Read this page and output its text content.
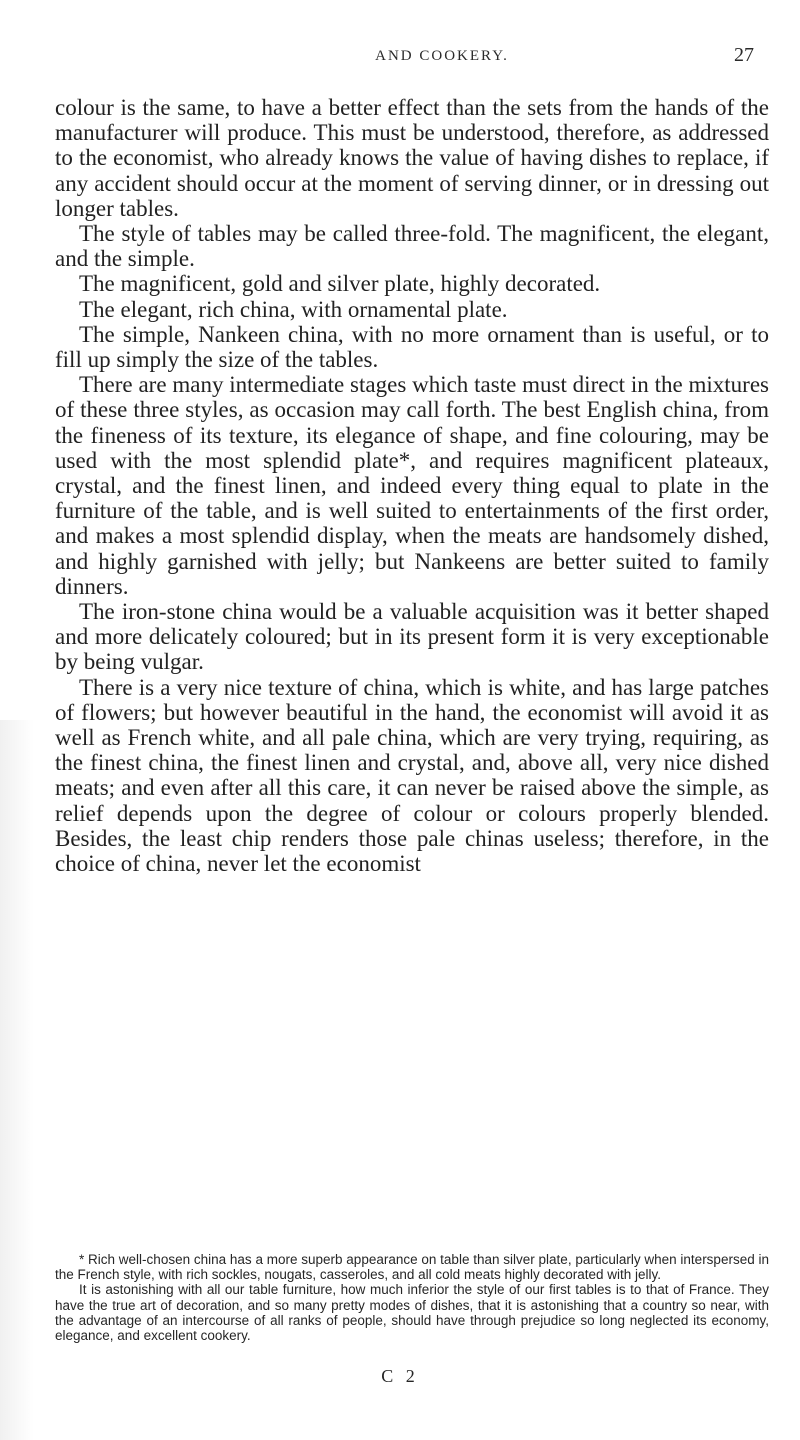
AND COOKERY.	27

colour is the same, to have a better effect than the sets from the hands of the manufacturer will produce. This must be understood, therefore, as addressed to the economist, who already knows the value of having dishes to replace, if any accident should occur at the moment of serving dinner, or in dressing out longer tables.

The style of tables may be called three-fold. The magnificent, the elegant, and the simple.

The magnificent, gold and silver plate, highly decorated.

The elegant, rich china, with ornamental plate.

The simple, Nankeen china, with no more ornament than is useful, or to fill up simply the size of the tables.

There are many intermediate stages which taste must direct in the mixtures of these three styles, as occasion may call forth. The best English china, from the fineness of its texture, its elegance of shape, and fine colouring, may be used with the most splendid plate*, and requires magnificent plateaux, crystal, and the finest linen, and indeed every thing equal to plate in the furniture of the table, and is well suited to entertainments of the first order, and makes a most splendid display, when the meats are handsomely dished, and highly garnished with jelly; but Nankeens are better suited to family dinners.

The iron-stone china would be a valuable acquisition was it better shaped and more delicately coloured; but in its present form it is very exceptionable by being vulgar.

There is a very nice texture of china, which is white, and has large patches of flowers; but however beautiful in the hand, the economist will avoid it as well as French white, and all pale china, which are very trying, requiring, as the finest china, the finest linen and crystal, and, above all, very nice dished meats; and even after all this care, it can never be raised above the simple, as relief depends upon the degree of colour or colours properly blended. Besides, the least chip renders those pale chinas useless; therefore, in the choice of china, never let the economist

* Rich well-chosen china has a more superb appearance on table than silver plate, particularly when interspersed in the French style, with rich sockles, nougats, casseroles, and all cold meats highly decorated with jelly.

It is astonishing with all our table furniture, how much inferior the style of our first tables is to that of France. They have the true art of decoration, and so many pretty modes of dishes, that it is astonishing that a country so near, with the advantage of an intercourse of all ranks of people, should have through prejudice so long neglected its economy, elegance, and excellent cookery.

C 2
